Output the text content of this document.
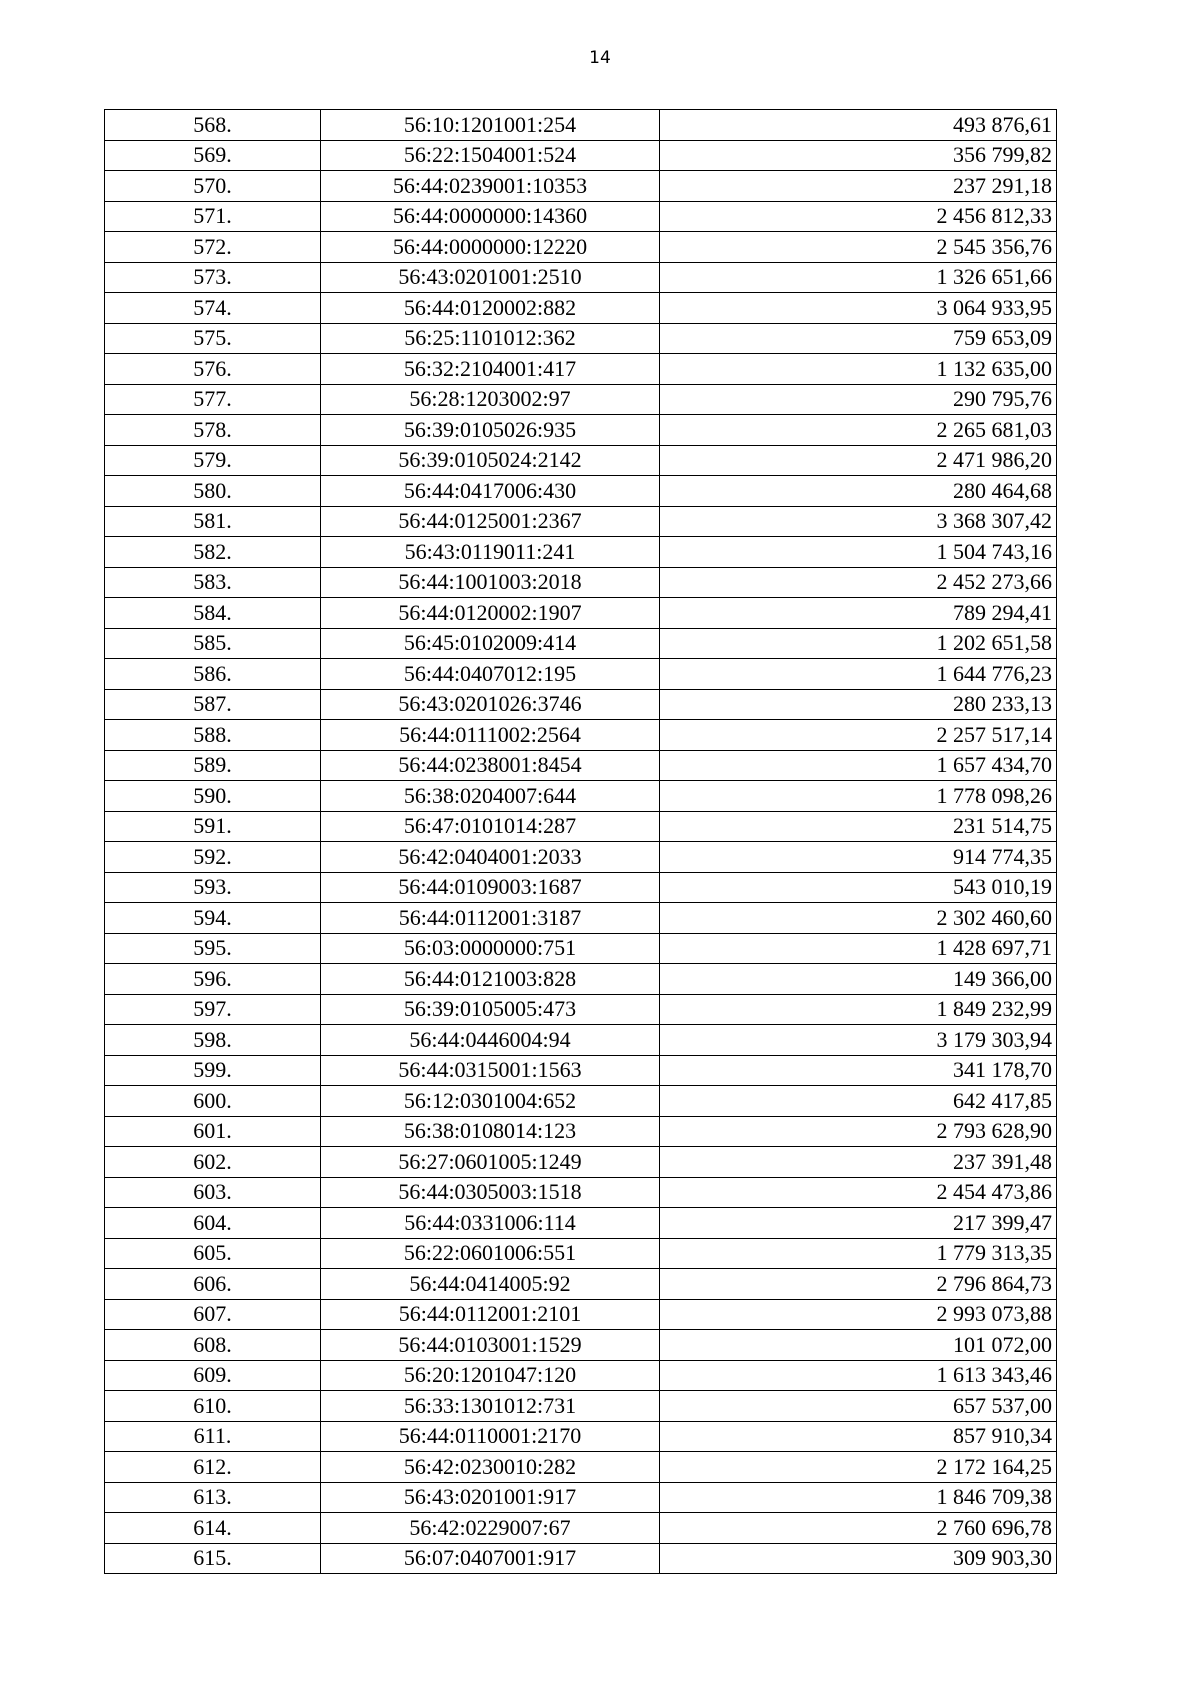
14
568.	56:10:1201001:254	493 876,61
569.	56:22:1504001:524	356 799,82
570.	56:44:0239001:10353	237 291,18
571.	56:44:0000000:14360	2 456 812,33
572.	56:44:0000000:12220	2 545 356,76
573.	56:43:0201001:2510	1 326 651,66
574.	56:44:0120002:882	3 064 933,95
575.	56:25:1101012:362	759 653,09
576.	56:32:2104001:417	1 132 635,00
577.	56:28:1203002:97	290 795,76
578.	56:39:0105026:935	2 265 681,03
579.	56:39:0105024:2142	2 471 986,20
580.	56:44:0417006:430	280 464,68
581.	56:44:0125001:2367	3 368 307,42
582.	56:43:0119011:241	1 504 743,16
583.	56:44:1001003:2018	2 452 273,66
584.	56:44:0120002:1907	789 294,41
585.	56:45:0102009:414	1 202 651,58
586.	56:44:0407012:195	1 644 776,23
587.	56:43:0201026:3746	280 233,13
588.	56:44:0111002:2564	2 257 517,14
589.	56:44:0238001:8454	1 657 434,70
590.	56:38:0204007:644	1 778 098,26
591.	56:47:0101014:287	231 514,75
592.	56:42:0404001:2033	914 774,35
593.	56:44:0109003:1687	543 010,19
594.	56:44:0112001:3187	2 302 460,60
595.	56:03:0000000:751	1 428 697,71
596.	56:44:0121003:828	149 366,00
597.	56:39:0105005:473	1 849 232,99
598.	56:44:0446004:94	3 179 303,94
599.	56:44:0315001:1563	341 178,70
600.	56:12:0301004:652	642 417,85
601.	56:38:0108014:123	2 793 628,90
602.	56:27:0601005:1249	237 391,48
603.	56:44:0305003:1518	2 454 473,86
604.	56:44:0331006:114	217 399,47
605.	56:22:0601006:551	1 779 313,35
606.	56:44:0414005:92	2 796 864,73
607.	56:44:0112001:2101	2 993 073,88
608.	56:44:0103001:1529	101 072,00
609.	56:20:1201047:120	1 613 343,46
610.	56:33:1301012:731	657 537,00
611.	56:44:0110001:2170	857 910,34
612.	56:42:0230010:282	2 172 164,25
613.	56:43:0201001:917	1 846 709,38
614.	56:42:0229007:67	2 760 696,78
615.	56:07:0407001:917	309 903,30
